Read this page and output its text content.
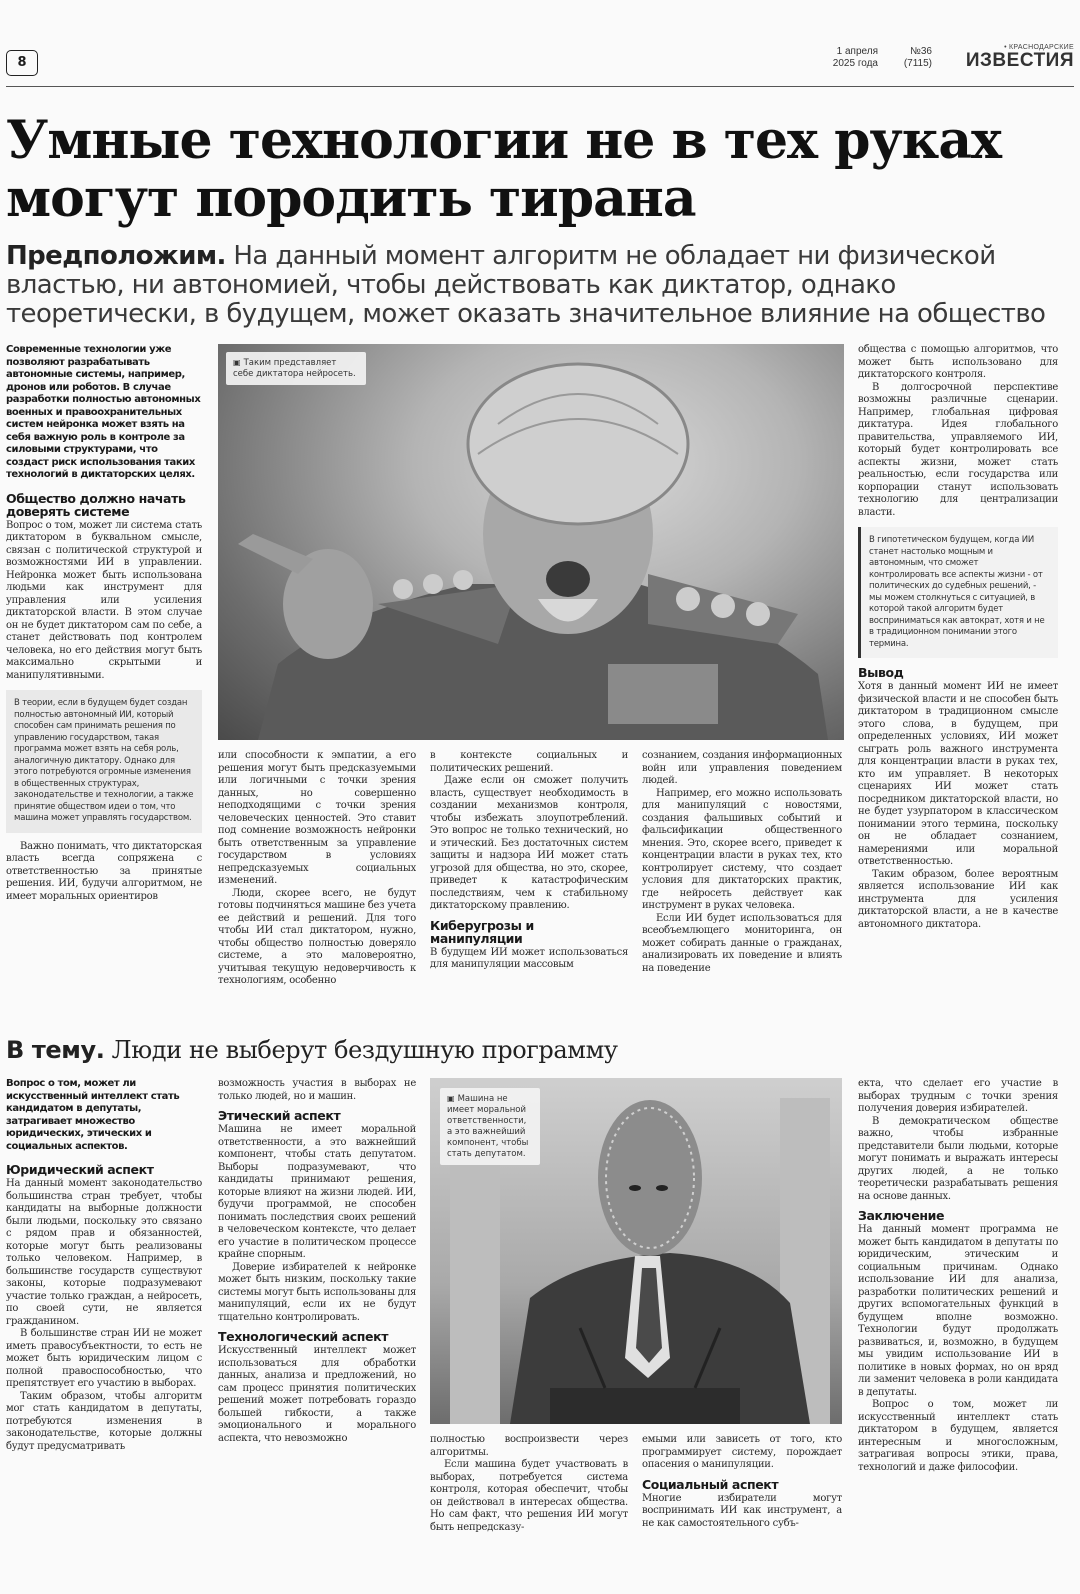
8
1 апреля
2025 года
№36
(7115)
• КРАСНОДАРСКИЕ
ИЗВЕСТИЯ
Умные технологии не в тех руках
могут породить тирана
Предположим. На данный момент алгоритм не обладает ни физической властью, ни автономией, чтобы действовать как диктатор, однако теоретически, в будущем, может оказать значительное влияние на общество

Современные технологии уже позволяют разрабатывать автономные системы, например, дронов или роботов. В случае разработки полностью автономных военных и правоохранительных систем нейронка может взять на себя важную роль в контроле за силовыми структурами, что создаст риск использования таких технологий в диктаторских целях.

Общество должно начать доверять системе

Вопрос о том, может ли система стать диктатором в буквальном смысле, связан с политической структурой и возможностями ИИ в управлении. Нейронка может быть использована людьми как инструмент для управления или усиления диктаторской власти. В этом случае он не будет диктатором сам по себе, а станет действовать под контролем человека, но его действия могут быть максимально скрытыми и манипулятивными.

В теории, если в будущем будет создан полностью автономный ИИ, который способен сам принимать решения по управлению государством, такая программа может взять на себя роль, аналогичную диктатору. Однако для этого потребуются огромные изменения в общественных структурах, законодательстве и технологии, а также принятие обществом идеи о том, что машина может управлять государством.

Важно понимать, что диктаторская власть всегда сопряжена с ответственностью за принятые решения. ИИ, будучи алгоритмом, не имеет моральных ориентиров

▣ Таким представляет себе диктатора нейросеть.

или способности к эмпатии, а его решения могут быть предсказуемыми или логичными с точки зрения данных, но совершенно неподходящими с точки зрения человеческих ценностей. Это ставит под сомнение возможность нейронки быть ответственным за управление государством в условиях непредсказуемых социальных изменений.

Люди, скорее всего, не будут готовы подчиняться машине без учета ее действий и решений. Для того чтобы ИИ стал диктатором, нужно, чтобы общество полностью доверяло системе, а это маловероятно, учитывая текущую недоверчивость к технологиям, особенно

в контексте социальных и политических решений.

Даже если он сможет получить власть, существует необходимость в создании механизмов контроля, чтобы избежать злоупотреблений. Это вопрос не только технический, но и этический. Без достаточных систем защиты и надзора ИИ может стать угрозой для общества, но это, скорее, приведет к катастрофическим последствиям, чем к стабильному диктаторскому правлению.

Киберугрозы и манипуляции

В будущем ИИ может использоваться для манипуляции массовым

сознанием, создания информационных войн или управления поведением людей.

Например, его можно использовать для манипуляций с новостями, создания фальшивых событий и фальсификации общественного мнения. Это, скорее всего, приведет к концентрации власти в руках тех, кто контролирует систему, что создает условия для диктаторских практик, где нейросеть действует как инструмент в руках человека.

Если ИИ будет использоваться для всеобъемлющего мониторинга, он может собирать данные о гражданах, анализировать их поведение и влиять на поведение

общества с помощью алгоритмов, что может быть использовано для диктаторского контроля.

В долгосрочной перспективе возможны различные сценарии. Например, глобальная цифровая диктатура. Идея глобального правительства, управляемого ИИ, который будет контролировать все аспекты жизни, может стать реальностью, если государства или корпорации станут использовать технологию для централизации власти.

В гипотетическом будущем, когда ИИ станет настолько мощным и автономным, что сможет контролировать все аспекты жизни - от политических до судебных решений, - мы можем столкнуться с ситуацией, в которой такой алгоритм будет восприниматься как автократ, хотя и не в традиционном понимании этого термина.
Вывод

Хотя в данный момент ИИ не имеет физической власти и не способен быть диктатором в традиционном смысле этого слова, в будущем, при определенных условиях, ИИ может сыграть роль важного инструмента для концентрации власти в руках тех, кто им управляет. В некоторых сценариях ИИ может стать посредником диктаторской власти, но не будет узурпатором в классическом понимании этого термина, поскольку он не обладает сознанием, намерениями или моральной ответственностью.

Таким образом, более вероятным является использование ИИ как инструмента для усиления диктаторской власти, а не в качестве автономного диктатора.

В тему. Люди не выберут бездушную программу

Вопрос о том, может ли искусственный интеллект стать кандидатом в депутаты, затрагивает множество юридических, этических и социальных аспектов.

Юридический аспект

На данный момент законодательство большинства стран требует, чтобы кандидаты на выборные должности были людьми, поскольку это связано с рядом прав и обязанностей, которые могут быть реализованы только человеком. Например, в большинстве государств существуют законы, которые подразумевают участие только граждан, а нейросеть, по своей сути, не является гражданином.

В большинстве стран ИИ не может иметь правосубъектности, то есть не может быть юридическим лицом с полной правоспособностью, что препятствует его участию в выборах.

Таким образом, чтобы алгоритм мог стать кандидатом в депутаты, потребуются изменения в законодательстве, которые должны будут предусматривать

возможность участия в выборах не только людей, но и машин.

Этический аспект

Машина не имеет моральной ответственности, а это важнейший компонент, чтобы стать депутатом. Выборы подразумевают, что кандидаты принимают решения, которые влияют на жизни людей. ИИ, будучи программой, не способен понимать последствия своих решений в человеческом контексте, что делает его участие в политическом процессе крайне спорным.

Доверие избирателей к нейронке может быть низким, поскольку такие системы могут быть использованы для манипуляций, если их не будут тщательно контролировать.

Технологический аспект

Искусственный интеллект может использоваться для обработки данных, анализа и предложений, но сам процесс принятия политических решений может потребовать гораздо большей гибкости, а также эмоционального и морального аспекта, что невозможно

▣ Машина не имеет моральной ответственности, а это важнейший компонент, чтобы стать депутатом.

полностью воспроизвести через алгоритмы.

Если машина будет участвовать в выборах, потребуется система контроля, которая обеспечит, чтобы он действовал в интересах общества. Но сам факт, что решения ИИ могут быть непредсказу-

емыми или зависеть от того, кто программирует систему, порождает опасения о манипуляции.

Социальный аспект

Многие избиратели могут воспринимать ИИ как инструмент, а не как самостоятельного субъ-

екта, что сделает его участие в выборах трудным с точки зрения получения доверия избирателей.

В демократическом обществе важно, чтобы избранные представители были людьми, которые могут понимать и выражать интересы других людей, а не только теоретически разрабатывать решения на основе данных.

Заключение

На данный момент программа не может быть кандидатом в депутаты по юридическим, этическим и социальным причинам. Однако использование ИИ для анализа, разработки политических решений и других вспомогательных функций в будущем вполне возможно. Технологии будут продолжать развиваться, и, возможно, в будущем мы увидим использование ИИ в политике в новых формах, но он вряд ли заменит человека в роли кандидата в депутаты.

Вопрос о том, может ли искусственный интеллект стать диктатором в будущем, является интересным и многосложным, затрагивая вопросы этики, права, технологий и даже философии.
